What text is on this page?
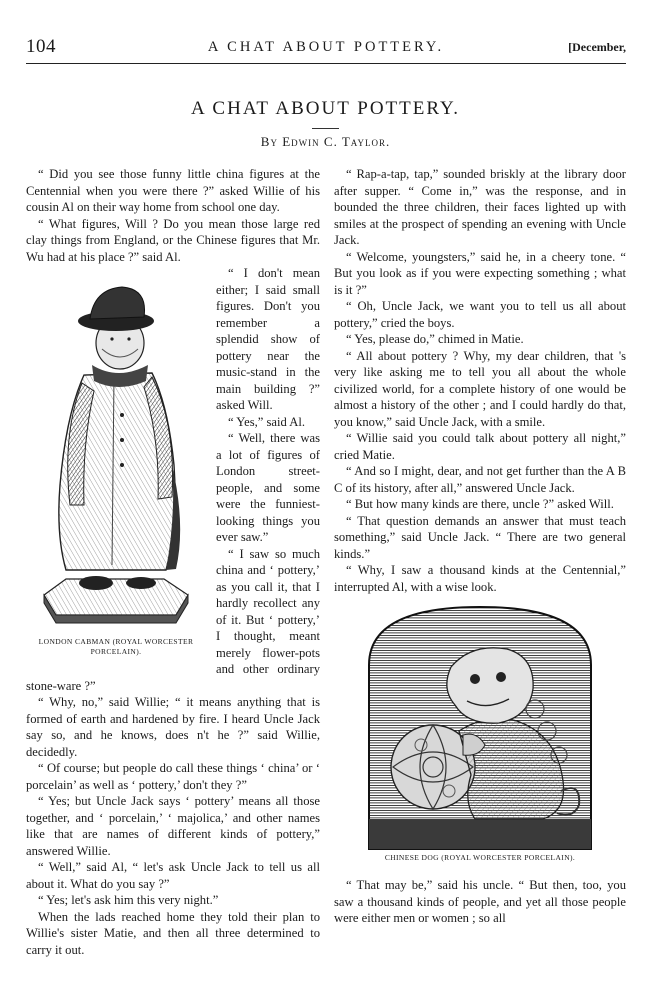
104	A CHAT ABOUT POTTERY.	[December,
A CHAT ABOUT POTTERY.
By Edwin C. Taylor.

“ Did you see those funny little china figures at the Centennial when you were there ?” asked Willie of his cousin Al on their way home from school one day.

“ What figures, Will ? Do you mean those large red clay things from England, or the Chinese figures that Mr. Wu had at his place ?” said Al.

LONDON CABMAN (ROYAL WORCESTER PORCELAIN).

“ I don't mean either; I said small figures. Don't you remember a splendid show of pottery near the music-stand in the main building ?” asked Will.

“ Yes,” said Al.

“ Well, there was a lot of figures of London street-people, and some were the funniest-looking things you ever saw.”

“ I saw so much china and ‘ pottery,’ as you call it, that I hardly recollect any of it. But ‘ pottery,’ I thought, meant merely flower-pots and other ordinary stone-ware ?”

“ Why, no,” said Willie; “ it means anything that is formed of earth and hardened by fire. I heard Uncle Jack say so, and he knows, does n't he ?” said Willie, decidedly.

“ Of course; but people do call these things ‘ china’ or ‘ porcelain’ as well as ‘ pottery,’ don't they ?”

“ Yes; but Uncle Jack says ‘ pottery’ means all those together, and ‘ porcelain,’ ‘ majolica,’ and other names like that are names of different kinds of pottery,” answered Willie.

“ Well,” said Al, “ let's ask Uncle Jack to tell us all about it. What do you say ?”

“ Yes; let's ask him this very night.”

When the lads reached home they told their plan to Willie's sister Matie, and then all three determined to carry it out.

“ Rap-a-tap, tap,” sounded briskly at the library door after supper. “ Come in,” was the response, and in bounded the three children, their faces lighted up with smiles at the prospect of spending an evening with Uncle Jack.

“ Welcome, youngsters,” said he, in a cheery tone. “ But you look as if you were expecting something ; what is it ?”

“ Oh, Uncle Jack, we want you to tell us all about pottery,” cried the boys.

“ Yes, please do,” chimed in Matie.

“ All about pottery ? Why, my dear children, that 's very like asking me to tell you all about the whole civilized world, for a complete history of one would be almost a history of the other ; and I could hardly do that, you know,” said Uncle Jack, with a smile.

“ Willie said you could talk about pottery all night,” cried Matie.

“ And so I might, dear, and not get further than the A B C of its history, after all,” answered Uncle Jack.

“ But how many kinds are there, uncle ?” asked Will.

“ That question demands an answer that must teach something,” said Uncle Jack. “ There are two general kinds.”

“ Why, I saw a thousand kinds at the Centennial,” interrupted Al, with a wise look.

CHINESE DOG (ROYAL WORCESTER PORCELAIN).

“ That may be,” said his uncle. “ But then, too, you saw a thousand kinds of people, and yet all those people were either men or women ; so all
